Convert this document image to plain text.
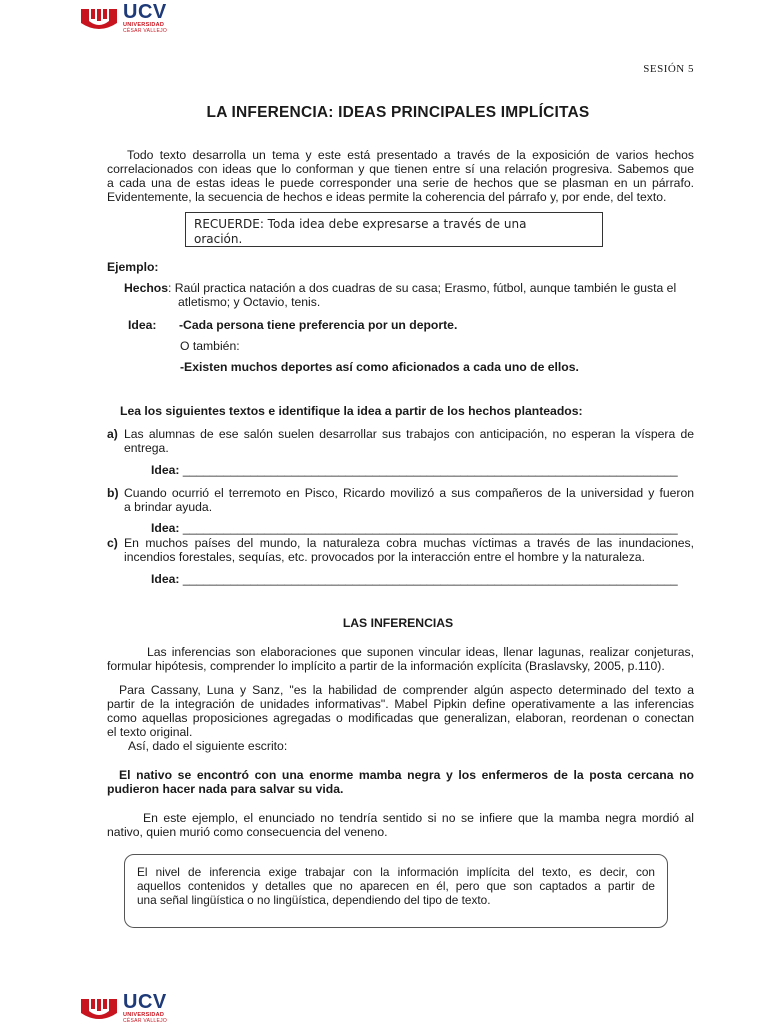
UCV
UNIVERSIDAD
CÉSAR VALLEJO
SESIÓN 5
LA INFERENCIA: IDEAS PRINCIPALES IMPLÍCITAS
Todo texto desarrolla un tema y este está presentado a través de la exposición de varios hechos
correlacionados con ideas que lo conforman y que tienen entre sí una relación progresiva. Sabemos que
a cada una de estas ideas le puede corresponder una serie de hechos que se plasman en un párrafo.
Evidentemente, la secuencia de hechos e ideas permite la coherencia del párrafo y, por ende, del texto.
RECUERDE: Toda idea debe expresarse a través de una
oración.
Ejemplo:
Hechos: Raúl practica natación a dos cuadras de su casa; Erasmo, fútbol, aunque también le gusta el
atletismo; y Octavio, tenis.
Idea: -Cada persona tiene preferencia por un deporte.
O también:
-Existen muchos deportes así como aficionados a cada uno de ellos.
Lea los siguientes textos e identifique la idea a partir de los hechos planteados:
a) Las alumnas de ese salón suelen desarrollar sus trabajos con anticipación, no esperan la víspera de
entrega.
Idea: _________________________________________________________________________
b) Cuando ocurrió el terremoto en Pisco, Ricardo movilizó a sus compañeros de la universidad y fueron
a brindar ayuda.
Idea: _________________________________________________________________________
c) En muchos países del mundo, la naturaleza cobra muchas víctimas a través de las inundaciones,
incendios forestales, sequías, etc. provocados por la interacción entre el hombre y la naturaleza.
Idea: _________________________________________________________________________
LAS INFERENCIAS
Las inferencias son elaboraciones que suponen vincular ideas, llenar lagunas, realizar conjeturas,
formular hipótesis, comprender lo implícito a partir de la información explícita (Braslavsky, 2005, p.110).
Para Cassany, Luna y Sanz, "es la habilidad de comprender algún aspecto determinado del texto a
partir de la integración de unidades informativas". Mabel Pipkin define operativamente a las inferencias
como aquellas proposiciones agregadas o modificadas que generalizan, elaboran, reordenan o conectan
el texto original.
Así, dado el siguiente escrito:
El nativo se encontró con una enorme mamba negra y los enfermeros de la posta cercana no
pudieron hacer nada para salvar su vida.
En este ejemplo, el enunciado no tendría sentido si no se infiere que la mamba negra mordió al
nativo, quien murió como consecuencia del veneno.
El nivel de inferencia exige trabajar con la información implícita del texto, es decir, con
aquellos contenidos y detalles que no aparecen en él, pero que son captados a partir de
una señal lingüística o no lingüística, dependiendo del tipo de texto.
UCV
UNIVERSIDAD
CÉSAR VALLEJO
